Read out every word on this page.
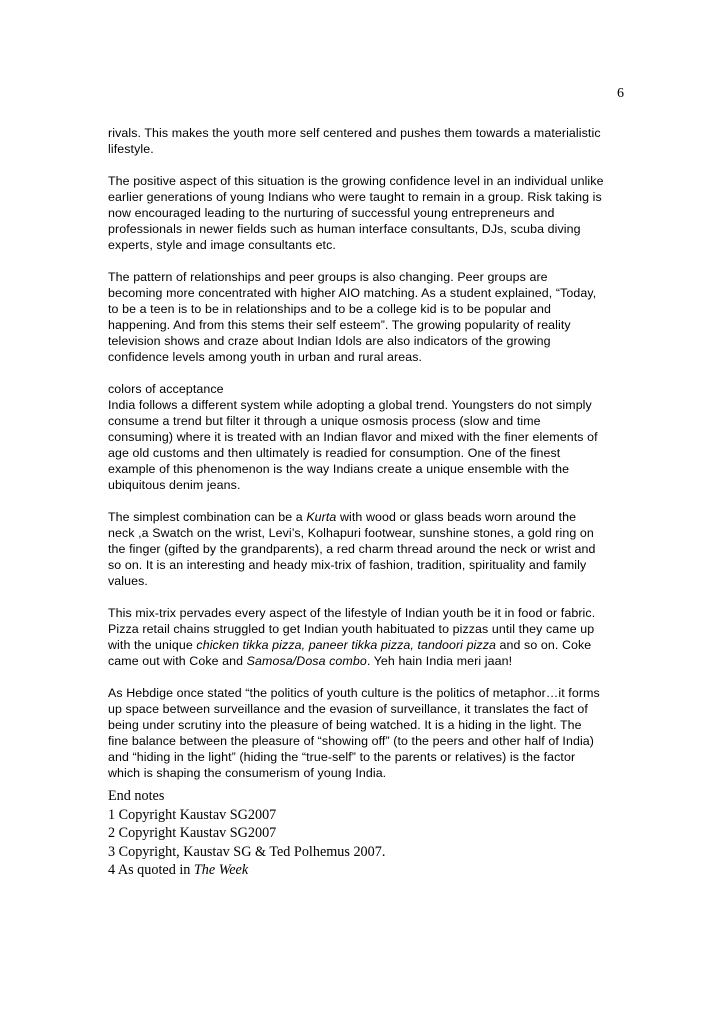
6

rivals. This makes the youth more self centered and pushes them towards a materialistic
lifestyle.

The positive aspect of this situation is the growing confidence level in an individual unlike
earlier generations of young Indians who were taught to remain in a group. Risk taking is
now encouraged leading to the nurturing of successful young entrepreneurs and
professionals in newer fields such as human interface consultants, DJs, scuba diving
experts, style and image consultants etc.

The pattern of relationships and peer groups is also changing. Peer groups are
becoming more concentrated with higher AIO matching. As a student explained, “Today,
to be a teen is to be in relationships and to be a college kid is to be popular and
happening. And from this stems their self esteem”. The growing popularity of reality
television shows and craze about Indian Idols are also indicators of the growing
confidence levels among youth in urban and rural areas.

colors of acceptance
India follows a different system while adopting a global trend. Youngsters do not simply
consume a trend but filter it through a unique osmosis process (slow and time
consuming) where it is treated with an Indian flavor and mixed with the finer elements of
age old customs and then ultimately is readied for consumption. One of the finest
example of this phenomenon is the way Indians create a unique ensemble with the
ubiquitous denim jeans.

The simplest combination can be a Kurta with wood or glass beads worn around the
neck ,a Swatch on the wrist, Levi’s, Kolhapuri footwear, sunshine stones, a gold ring on
the finger (gifted by the grandparents), a red charm thread around the neck or wrist and
so on. It is an interesting and heady mix-trix of fashion, tradition, spirituality and family
values.

This mix-trix pervades every aspect of the lifestyle of Indian youth be it in food or fabric.
Pizza retail chains struggled to get Indian youth habituated to pizzas until they came up
with the unique chicken tikka pizza, paneer tikka pizza, tandoori pizza and so on. Coke
came out with Coke and Samosa/Dosa combo. Yeh hain India meri jaan!

As Hebdige once stated “the politics of youth culture is the politics of metaphor…it forms
up space between surveillance and the evasion of surveillance, it translates the fact of
being under scrutiny into the pleasure of being watched. It is a hiding in the light. The
fine balance between the pleasure of “showing off” (to the peers and other half of India)
and “hiding in the light” (hiding the “true-self” to the parents or relatives) is the factor
which is shaping the consumerism of young India.

End notes
1 Copyright Kaustav SG2007
2 Copyright Kaustav SG2007
3 Copyright, Kaustav SG & Ted Polhemus 2007.
4 As quoted in The Week
